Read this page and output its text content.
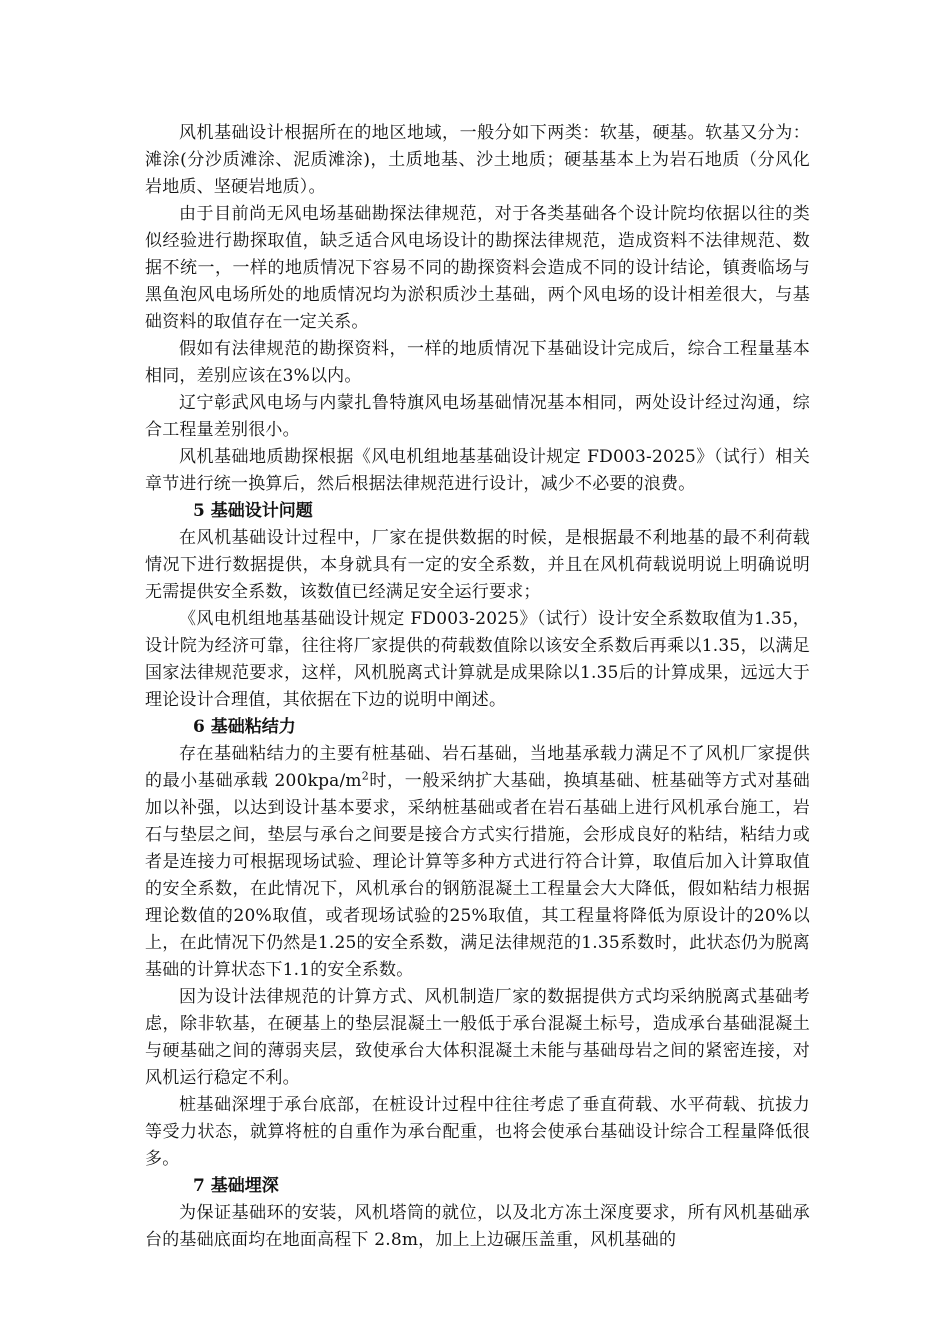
风机基础设计根据所在的地区地域，一般分如下两类：软基，硬基。软基又分为：滩涂(分沙质滩涂、泥质滩涂)，土质地基、沙土地质；硬基基本上为岩石地质（分风化岩地质、坚硬岩地质）。

由于目前尚无风电场基础勘探法律规范，对于各类基础各个设计院均依据以往的类似经验进行勘探取值，缺乏适合风电场设计的勘探法律规范，造成资料不法律规范、数据不统一，一样的地质情况下容易不同的勘探资料会造成不同的设计结论，镇赉临场与黑鱼泡风电场所处的地质情况均为淤积质沙土基础，两个风电场的设计相差很大，与基础资料的取值存在一定关系。

假如有法律规范的勘探资料，一样的地质情况下基础设计完成后，综合工程量基本相同，差别应该在3%以内。

辽宁彰武风电场与内蒙扎鲁特旗风电场基础情况基本相同，两处设计经过沟通，综合工程量差别很小。

风机基础地质勘探根据《风电机组地基基础设计规定 FD003-2025》（试行）相关章节进行统一换算后，然后根据法律规范进行设计，减少不必要的浪费。

5 基础设计问题

在风机基础设计过程中，厂家在提供数据的时候，是根据最不利地基的最不利荷载情况下进行数据提供，本身就具有一定的安全系数，并且在风机荷载说明说上明确说明无需提供安全系数，该数值已经满足安全运行要求；

《风电机组地基基础设计规定 FD003-2025》（试行）设计安全系数取值为1.35，设计院为经济可靠，往往将厂家提供的荷载数值除以该安全系数后再乘以1.35，以满足国家法律规范要求，这样，风机脱离式计算就是成果除以1.35后的计算成果，远远大于理论设计合理值，其依据在下边的说明中阐述。

6 基础粘结力

存在基础粘结力的主要有桩基础、岩石基础，当地基承载力满足不了风机厂家提供的最小基础承载 $200kpa/m^2$时，一般采纳扩大基础，换填基础、桩基础等方式对基础加以补强，以达到设计基本要求，采纳桩基础或者在岩石基础上进行风机承台施工，岩石与垫层之间，垫层与承台之间要是接合方式实行措施，会形成良好的粘结，粘结力或者是连接力可根据现场试验、理论计算等多种方式进行符合计算，取值后加入计算取值的安全系数，在此情况下，风机承台的钢筋混凝土工程量会大大降低，假如粘结力根据理论数值的20%取值，或者现场试验的25%取值，其工程量将降低为原设计的20%以上，在此情况下仍然是1.25的安全系数，满足法律规范的1.35系数时，此状态仍为脱离基础的计算状态下1.1的安全系数。

因为设计法律规范的计算方式、风机制造厂家的数据提供方式均采纳脱离式基础考虑，除非软基，在硬基上的垫层混凝土一般低于承台混凝土标号，造成承台基础混凝土与硬基础之间的薄弱夹层，致使承台大体积混凝土未能与基础母岩之间的紧密连接，对风机运行稳定不利。

桩基础深埋于承台底部，在桩设计过程中往往考虑了垂直荷载、水平荷载、抗拔力等受力状态，就算将桩的自重作为承台配重，也将会使承台基础设计综合工程量降低很多。

7 基础埋深

为保证基础环的安装，风机塔筒的就位，以及北方冻土深度要求，所有风机基础承台的基础底面均在地面高程下 2.8m，加上上边碾压盖重，风机基础的
